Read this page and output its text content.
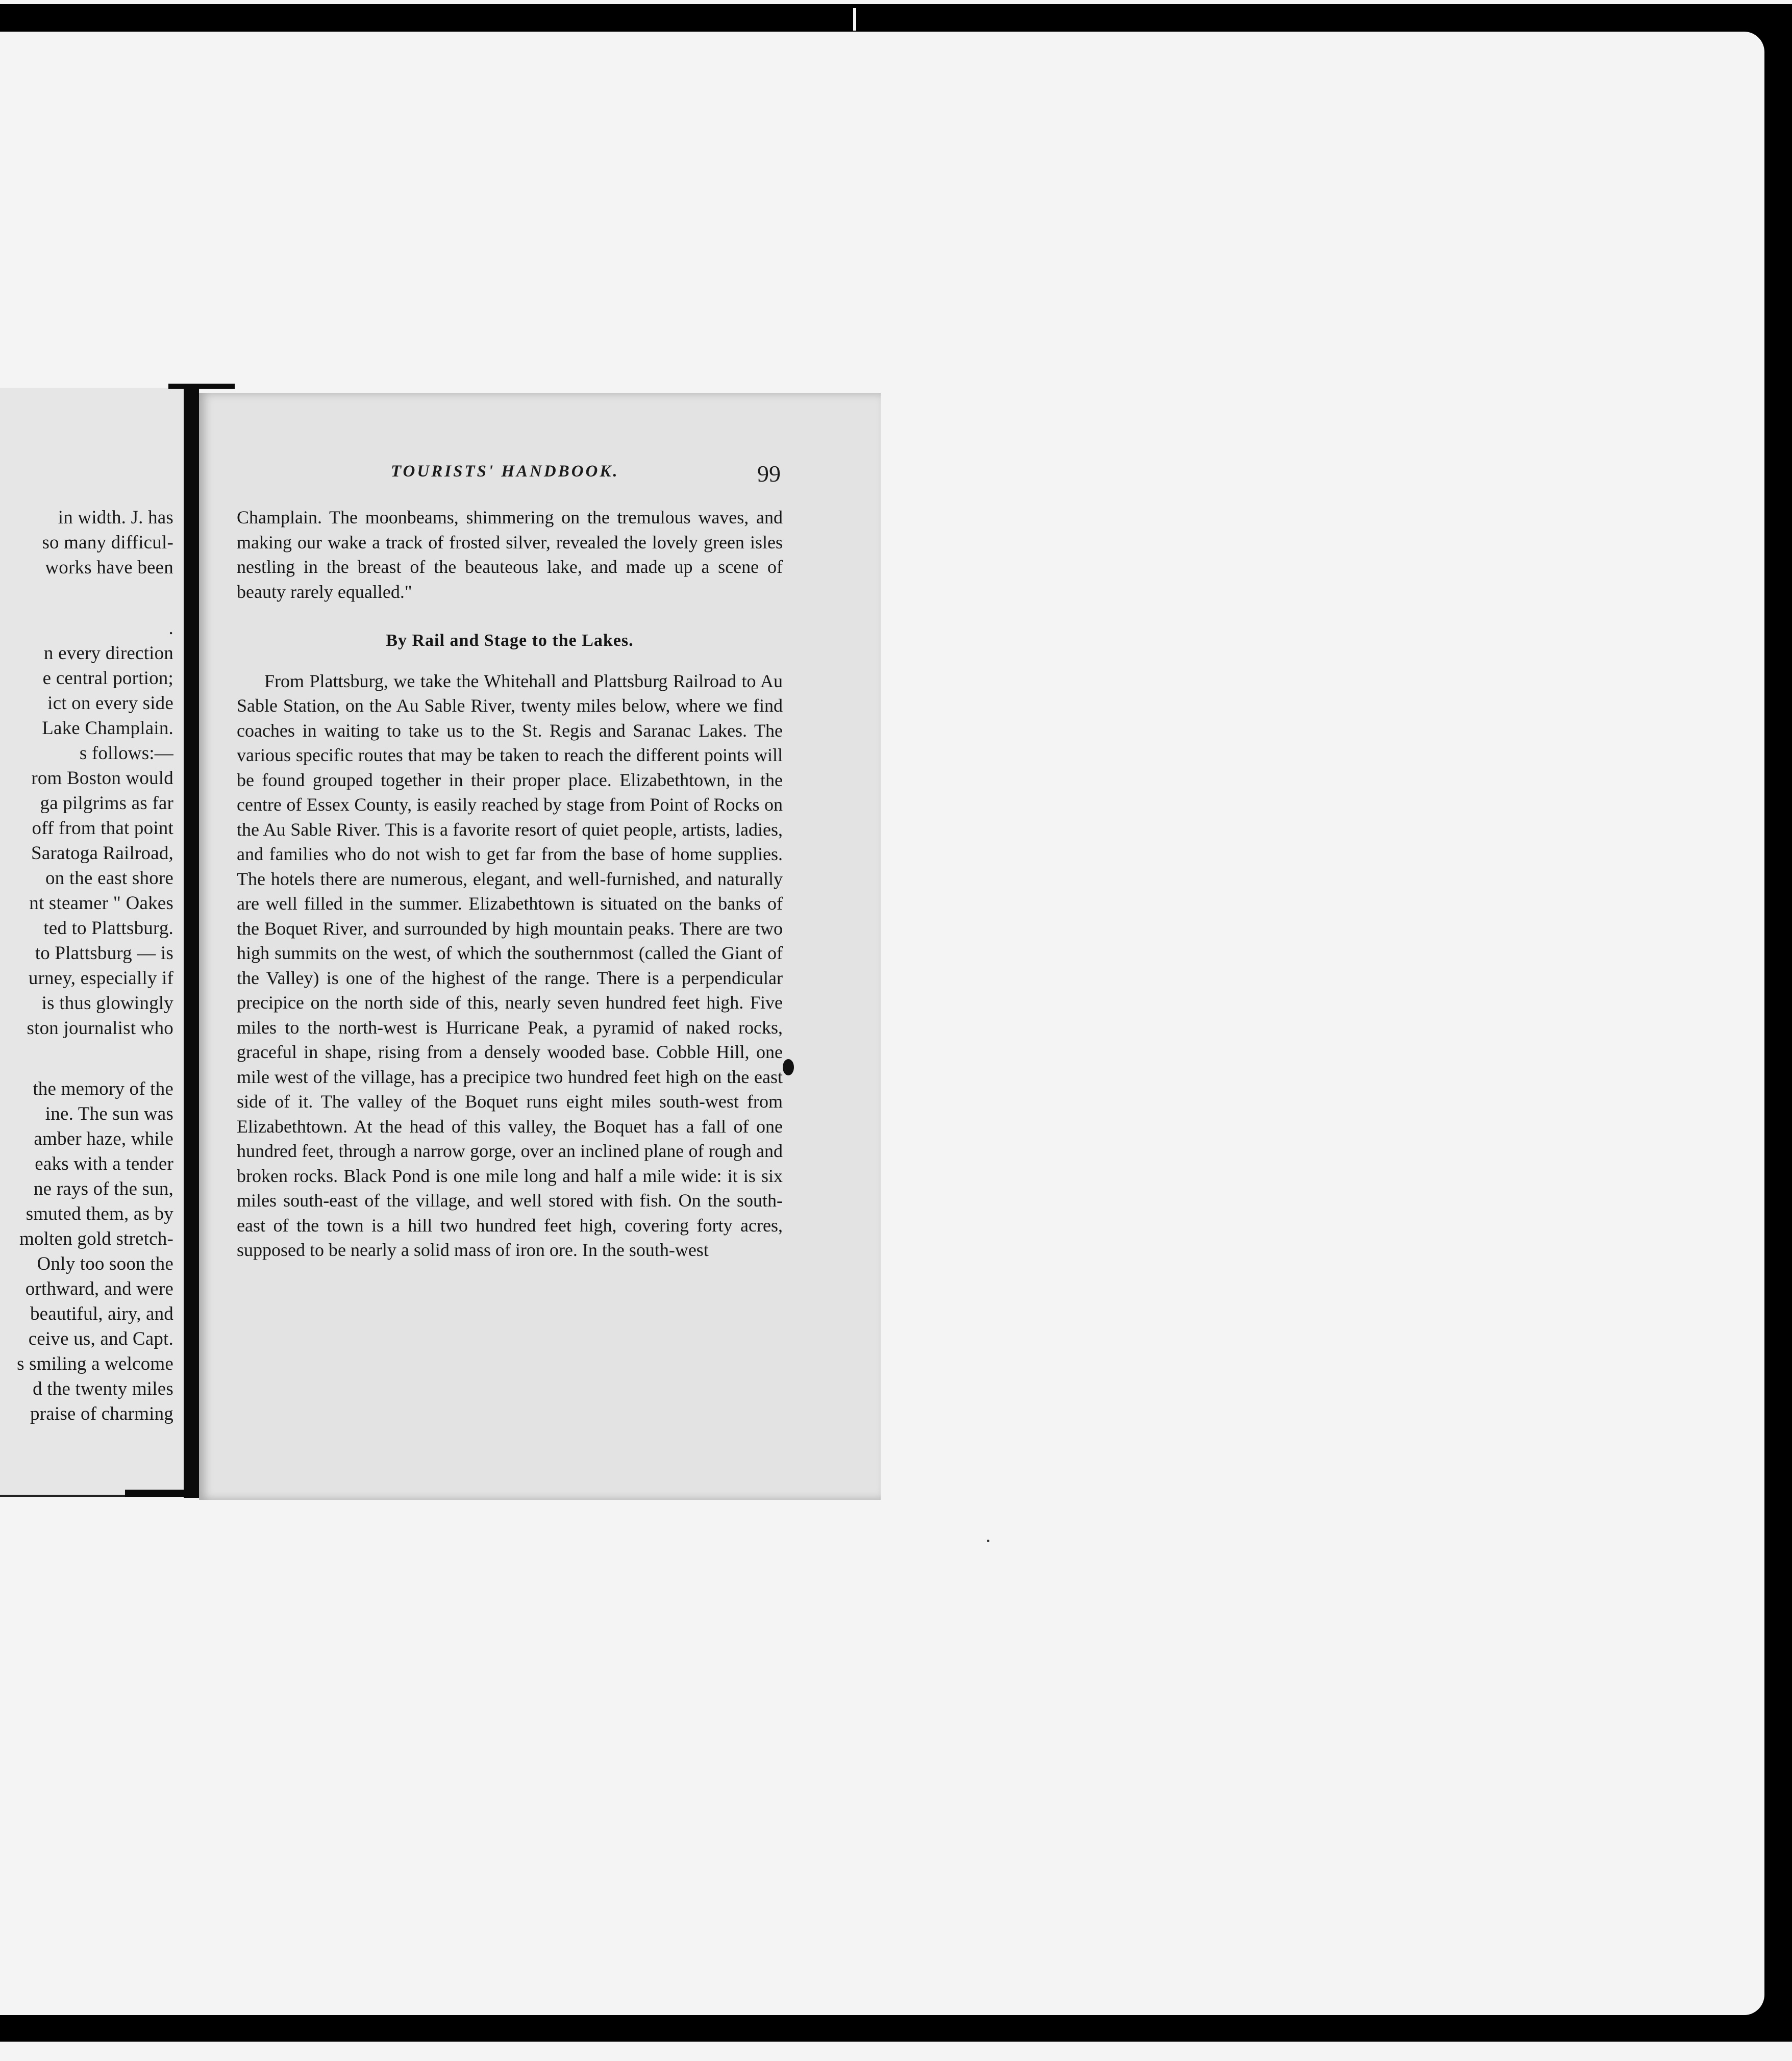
in width. J. has
so many difficul-
works have been
.
n every direction
e central portion;
ict on every side
Lake Champlain.
s follows:—
rom Boston would
ga pilgrims as far
off from that point
Saratoga Railroad,
on the east shore
nt steamer " Oakes
ted to Plattsburg.
to Plattsburg — is
urney, especially if
is thus glowingly
ston journalist who
the memory of the
ine. The sun was
amber haze, while
eaks with a tender
ne rays of the sun,
smuted them, as by
molten gold stretch-
Only too soon the
orthward, and were
beautiful, airy, and
ceive us, and Capt.
s smiling a welcome
d the twenty miles
praise of charming
TOURISTS' HANDBOOK.	99

Champlain. The moonbeams, shimmering on the tremulous waves, and making our wake a track of frosted silver, revealed the lovely green isles nestling in the breast of the beauteous lake, and made up a scene of beauty rarely equalled."

By Rail and Stage to the Lakes.

From Plattsburg, we take the Whitehall and Plattsburg Railroad to Au Sable Station, on the Au Sable River, twenty miles below, where we find coaches in waiting to take us to the St. Regis and Saranac Lakes. The various specific routes that may be taken to reach the different points will be found grouped together in their proper place. Elizabethtown, in the centre of Essex County, is easily reached by stage from Point of Rocks on the Au Sable River. This is a favorite resort of quiet people, artists, ladies, and families who do not wish to get far from the base of home supplies. The hotels there are numerous, elegant, and well-furnished, and naturally are well filled in the summer. Elizabethtown is situated on the banks of the Boquet River, and surrounded by high mountain peaks. There are two high summits on the west, of which the southernmost (called the Giant of the Valley) is one of the highest of the range. There is a perpendicular precipice on the north side of this, nearly seven hundred feet high. Five miles to the north-west is Hurricane Peak, a pyramid of naked rocks, graceful in shape, rising from a densely wooded base. Cobble Hill, one mile west of the village, has a precipice two hundred feet high on the east side of it. The valley of the Boquet runs eight miles south-west from Elizabethtown. At the head of this valley, the Boquet has a fall of one hundred feet, through a narrow gorge, over an inclined plane of rough and broken rocks. Black Pond is one mile long and half a mile wide: it is six miles south-east of the village, and well stored with fish. On the south-east of the town is a hill two hundred feet high, covering forty acres, supposed to be nearly a solid mass of iron ore. In the south-west
